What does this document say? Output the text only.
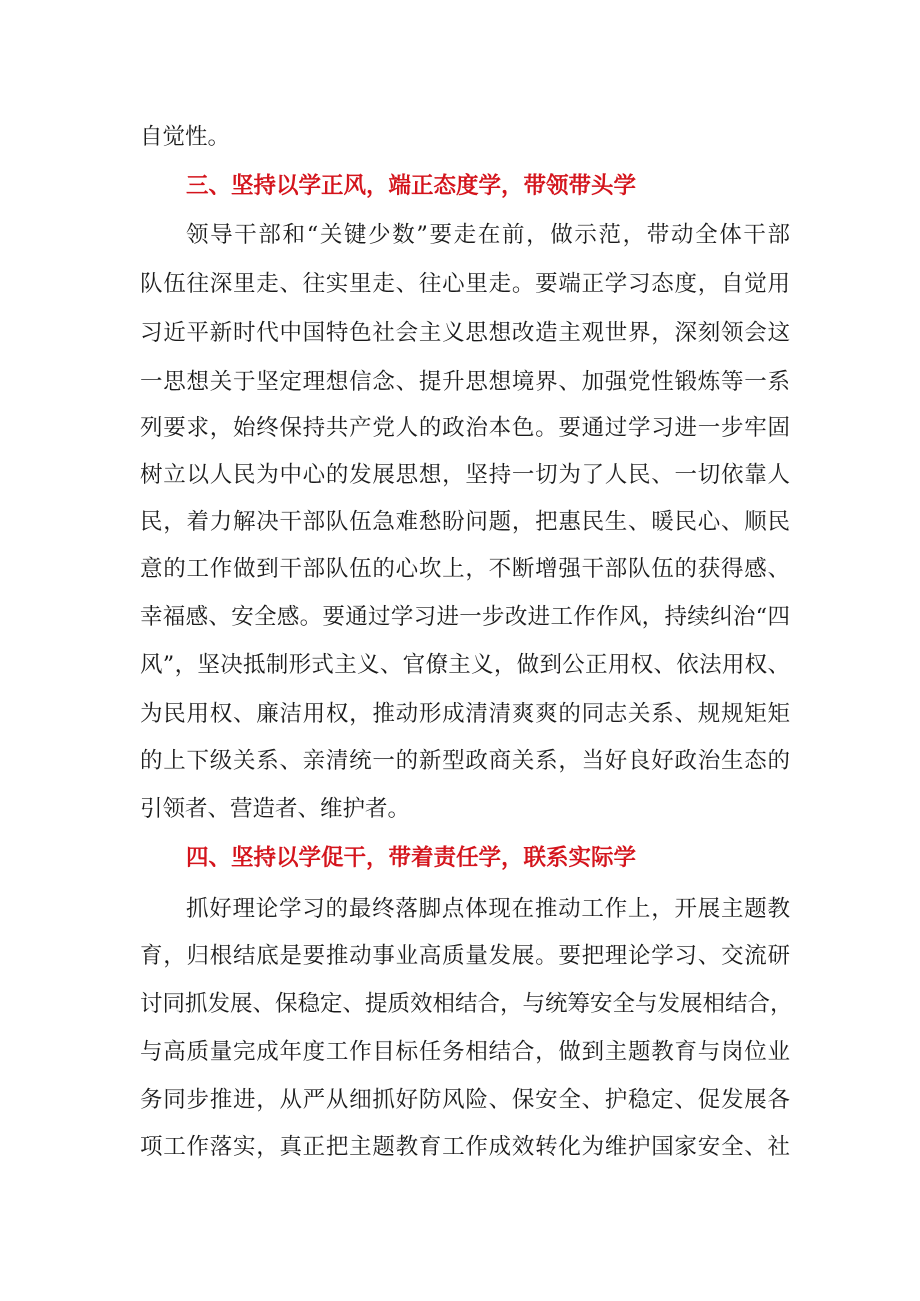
自觉性。
三、坚持以学正风，端正态度学，带领带头学
领导干部和“关键少数”要走在前，做示范，带动全体干部
队伍往深里走、往实里走、往心里走。要端正学习态度，自觉用
习近平新时代中国特色社会主义思想改造主观世界，深刻领会这
一思想关于坚定理想信念、提升思想境界、加强党性锻炼等一系
列要求，始终保持共产党人的政治本色。要通过学习进一步牢固
树立以人民为中心的发展思想，坚持一切为了人民、一切依靠人
民，着力解决干部队伍急难愁盼问题，把惠民生、暖民心、顺民
意的工作做到干部队伍的心坎上，不断增强干部队伍的获得感、
幸福感、安全感。要通过学习进一步改进工作作风，持续纠治“四
风”，坚决抵制形式主义、官僚主义，做到公正用权、依法用权、
为民用权、廉洁用权，推动形成清清爽爽的同志关系、规规矩矩
的上下级关系、亲清统一的新型政商关系，当好良好政治生态的
引领者、营造者、维护者。
四、坚持以学促干，带着责任学，联系实际学
抓好理论学习的最终落脚点体现在推动工作上，开展主题教
育，归根结底是要推动事业高质量发展。要把理论学习、交流研
讨同抓发展、保稳定、提质效相结合，与统筹安全与发展相结合，
与高质量完成年度工作目标任务相结合，做到主题教育与岗位业
务同步推进，从严从细抓好防风险、保安全、护稳定、促发展各
项工作落实，真正把主题教育工作成效转化为维护国家安全、社
